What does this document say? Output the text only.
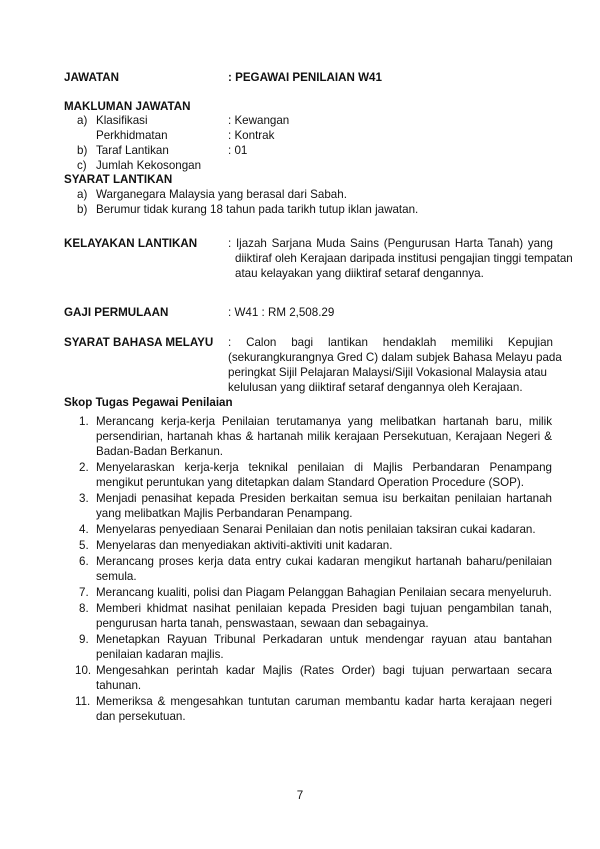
JAWATAN	: PEGAWAI PENILAIAN W41
MAKLUMAN JAWATAN
a) Klasifikasi	: Kewangan
Perkhidmatan	: Kontrak
b) Taraf Lantikan	: 01
c) Jumlah Kekosongan
SYARAT LANTIKAN
a) Warganegara Malaysia yang berasal dari Sabah.
b) Berumur tidak kurang 18 tahun pada tarikh tutup iklan jawatan.
KELAYAKAN LANTIKAN	: Ijazah Sarjana Muda Sains (Pengurusan Harta Tanah) yang
diiktiraf oleh Kerajaan daripada institusi pengajian tinggi tempatan
atau kelayakan yang diiktiraf setaraf dengannya.
GAJI PERMULAAN	: W41 : RM 2,508.29
SYARAT BAHASA MELAYU : Calon bagi lantikan hendaklah memiliki Kepujian
(sekurangkurangnya Gred C) dalam subjek Bahasa Melayu pada
peringkat Sijil Pelajaran Malaysi/Sijil Vokasional Malaysia atau
kelulusan yang diiktiraf setaraf dengannya oleh Kerajaan.
Skop Tugas Pegawai Penilaian
1. Merancang kerja-kerja Penilaian terutamanya yang melibatkan hartanah baru, milik persendirian, hartanah khas & hartanah milik kerajaan Persekutuan, Kerajaan Negeri & Badan-Badan Berkanun.
2. Menyelaraskan kerja-kerja teknikal penilaian di Majlis Perbandaran Penampang mengikut peruntukan yang ditetapkan dalam Standard Operation Procedure (SOP).
3. Menjadi penasihat kepada Presiden berkaitan semua isu berkaitan penilaian hartanah yang melibatkan Majlis Perbandaran Penampang.
4. Menyelaras penyediaan Senarai Penilaian dan notis penilaian taksiran cukai kadaran.
5. Menyelaras dan menyediakan aktiviti-aktiviti unit kadaran.
6. Merancang proses kerja data entry cukai kadaran mengikut hartanah baharu/penilaian semula.
7. Merancang kualiti, polisi dan Piagam Pelanggan Bahagian Penilaian secara menyeluruh.
8. Memberi khidmat nasihat penilaian kepada Presiden bagi tujuan pengambilan tanah, pengurusan harta tanah, penswastaan, sewaan dan sebagainya.
9. Menetapkan Rayuan Tribunal Perkadaran untuk mendengar rayuan atau bantahan penilaian kadaran majlis.
10. Mengesahkan perintah kadar Majlis (Rates Order) bagi tujuan perwartaan secara tahunan.
11. Memeriksa & mengesahkan tuntutan caruman membantu kadar harta kerajaan negeri dan persekutuan.
7
